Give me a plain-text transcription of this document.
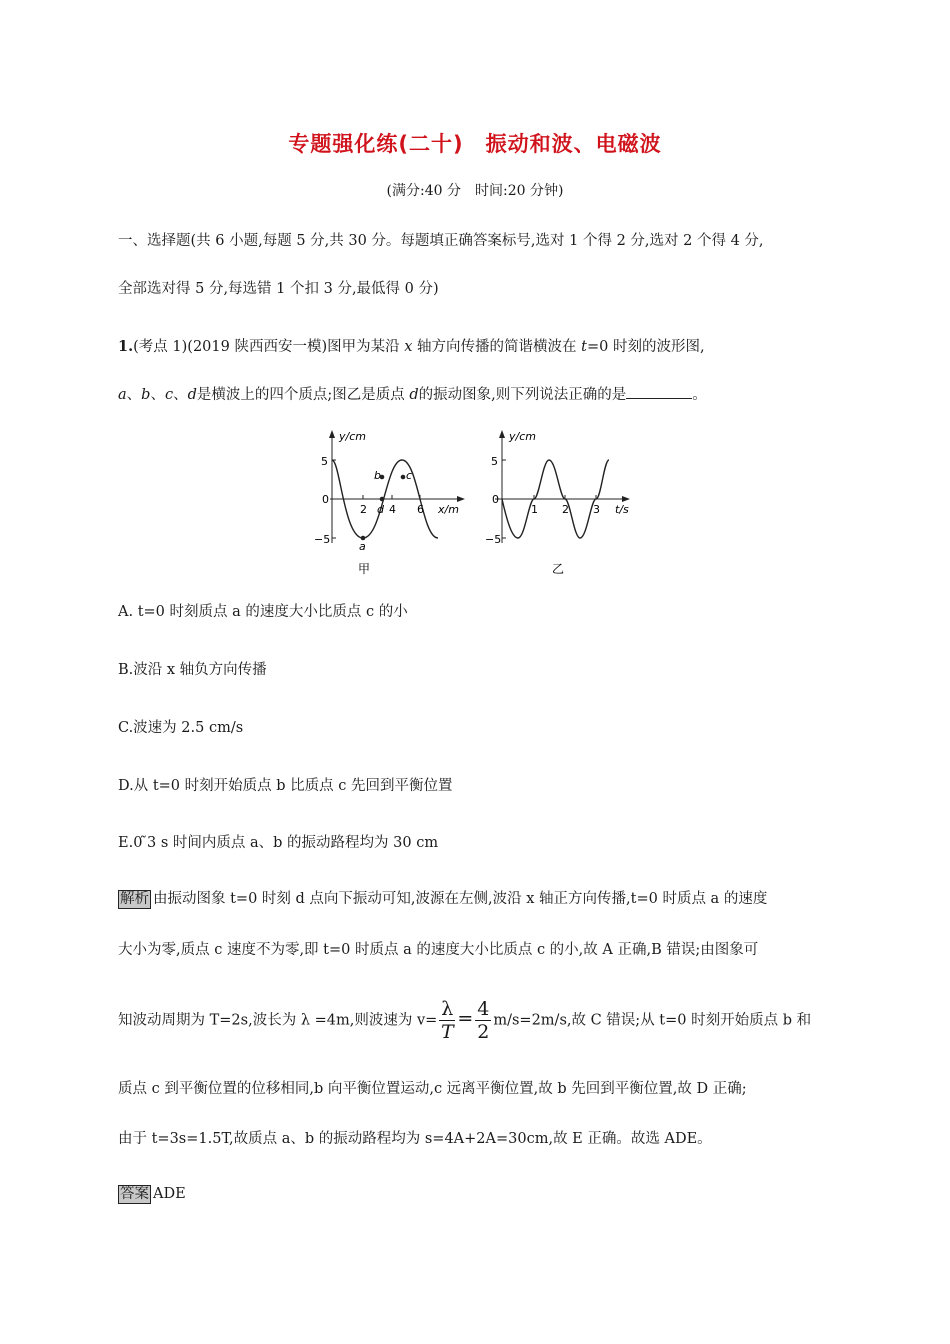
专题强化练(二十)　振动和波、电磁波
(满分:40 分　时间:20 分钟)
一、选择题(共 6 小题,每题 5 分,共 30 分。每题填正确答案标号,选对 1 个得 2 分,选对 2 个得 4 分,
全部选对得 5 分,每选错 1 个扣 3 分,最低得 0 分)
1.(考点 1)(2019 陕西西安一模)图甲为某沿 x 轴方向传播的简谐横波在 t=0 时刻的波形图,
a、b、c、d是横波上的四个质点;图乙是质点 d的振动图象,则下列说法正确的是	。
y/cm
x/m
5
0
−5
2 4 6
a
b c
d
甲
y/cm
t/s
5
0
−5
1 2 3
乙
A. t=0 时刻质点 a 的速度大小比质点 c 的小
B.波沿 x 轴负方向传播
C.波速为 2.5 cm/s
D.从 t=0 时刻开始质点 b 比质点 c 先回到平衡位置
E.0 ̃3 s 时间内质点 a、b 的振动路程均为 30 cm
解析 由振动图象 t=0 时刻 d 点向下振动可知,波源在左侧,波沿 x 轴正方向传播,t=0 时质点 a 的速度
大小为零,质点 c 速度不为零,即 t=0 时质点 a 的速度大小比质点 c 的小,故 A 正确,B 错误;由图象可
知波动周期为 T=2s,波长为 λ =4m,则波速为 $v= \frac{\lambda}{T} = \frac{4}{2} m/s=2m/s$,故 C 错误;从 t=0 时刻开始质点 b 和
质点 c 到平衡位置的位移相同,b 向平衡位置运动,c 远离平衡位置,故 b 先回到平衡位置,故 D 正确;
由于 t=3s=1.5T,故质点 a、b 的振动路程均为 s=4A+2A=30cm,故 E 正确。故选 ADE。
答案 ADE
